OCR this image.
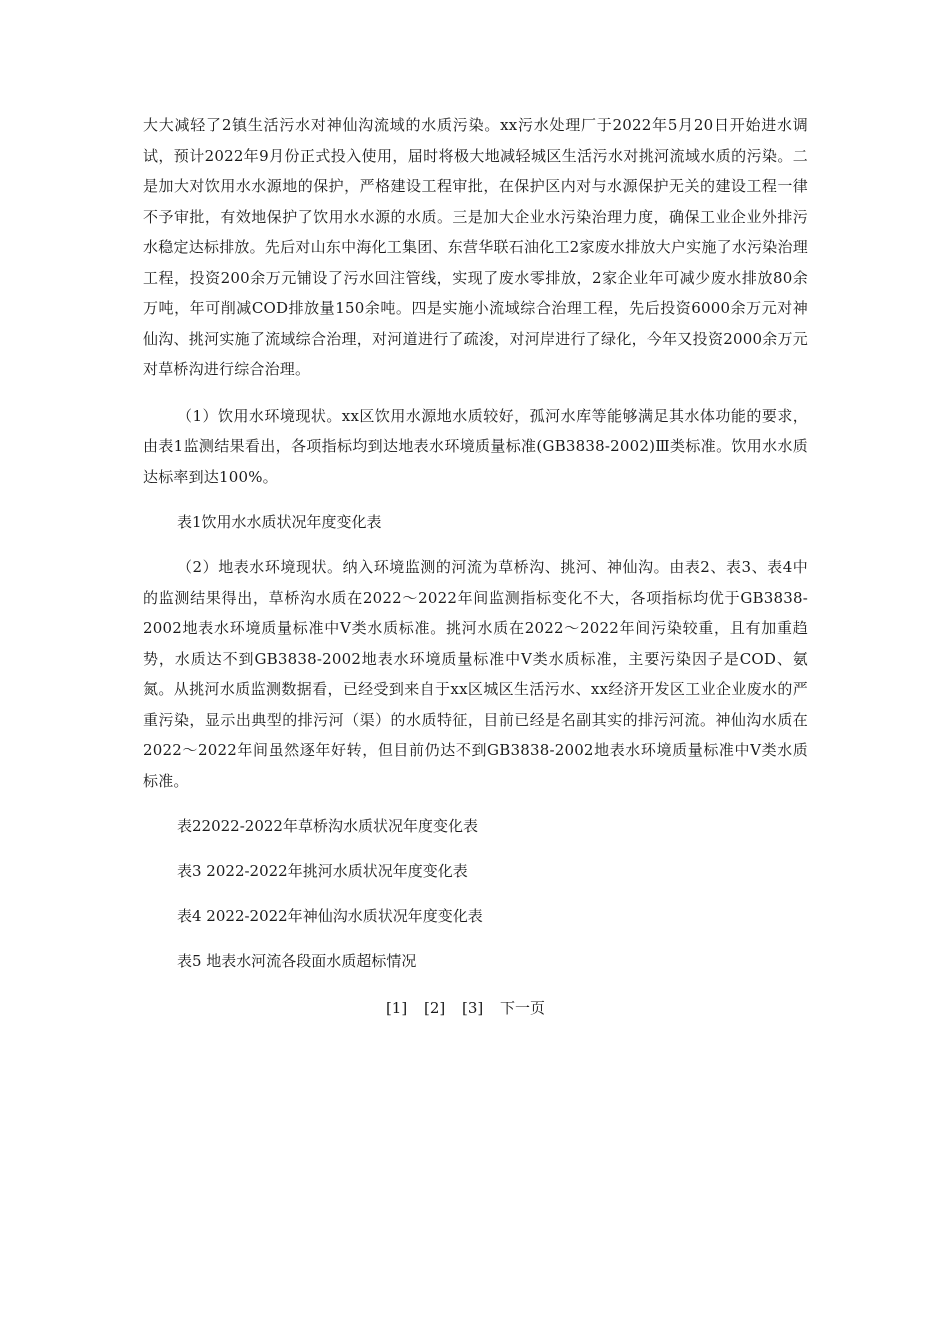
大大减轻了2镇生活污水对神仙沟流域的水质污染。xx污水处理厂于2022年5月20日开始进水调试，预计2022年9月份正式投入使用，届时将极大地减轻城区生活污水对挑河流域水质的污染。二是加大对饮用水水源地的保护，严格建设工程审批，在保护区内对与水源保护无关的建设工程一律不予审批，有效地保护了饮用水水源的水质。三是加大企业水污染治理力度，确保工业企业外排污水稳定达标排放。先后对山东中海化工集团、东营华联石油化工2家废水排放大户实施了水污染治理工程，投资200余万元铺设了污水回注管线，实现了废水零排放，2家企业年可减少废水排放80余万吨，年可削减COD排放量150余吨。四是实施小流域综合治理工程，先后投资6000余万元对神仙沟、挑河实施了流域综合治理，对河道进行了疏浚，对河岸进行了绿化，今年又投资2000余万元对草桥沟进行综合治理。

（1）饮用水环境现状。xx区饮用水源地水质较好，孤河水库等能够满足其水体功能的要求，由表1监测结果看出，各项指标均到达地表水环境质量标准(GB3838-2002)Ⅲ类标准。饮用水水质达标率到达100%。

表1饮用水水质状况年度变化表

（2）地表水环境现状。纳入环境监测的河流为草桥沟、挑河、神仙沟。由表2、表3、表4中的监测结果得出，草桥沟水质在2022～2022年间监测指标变化不大，各项指标均优于GB3838-2002地表水环境质量标准中Ⅴ类水质标准。挑河水质在2022～2022年间污染较重，且有加重趋势，水质达不到GB3838-2002地表水环境质量标准中Ⅴ类水质标准，主要污染因子是COD、氨氮。从挑河水质监测数据看，已经受到来自于xx区城区生活污水、xx经济开发区工业企业废水的严重污染，显示出典型的排污河（渠）的水质特征，目前已经是名副其实的排污河流。神仙沟水质在2022～2022年间虽然逐年好转，但目前仍达不到GB3838-2002地表水环境质量标准中Ⅴ类水质标准。

表22022-2022年草桥沟水质状况年度变化表

表3 2022-2022年挑河水质状况年度变化表

表4 2022-2022年神仙沟水质状况年度变化表

表5 地表水河流各段面水质超标情况

[1] [2] [3] 下一页
